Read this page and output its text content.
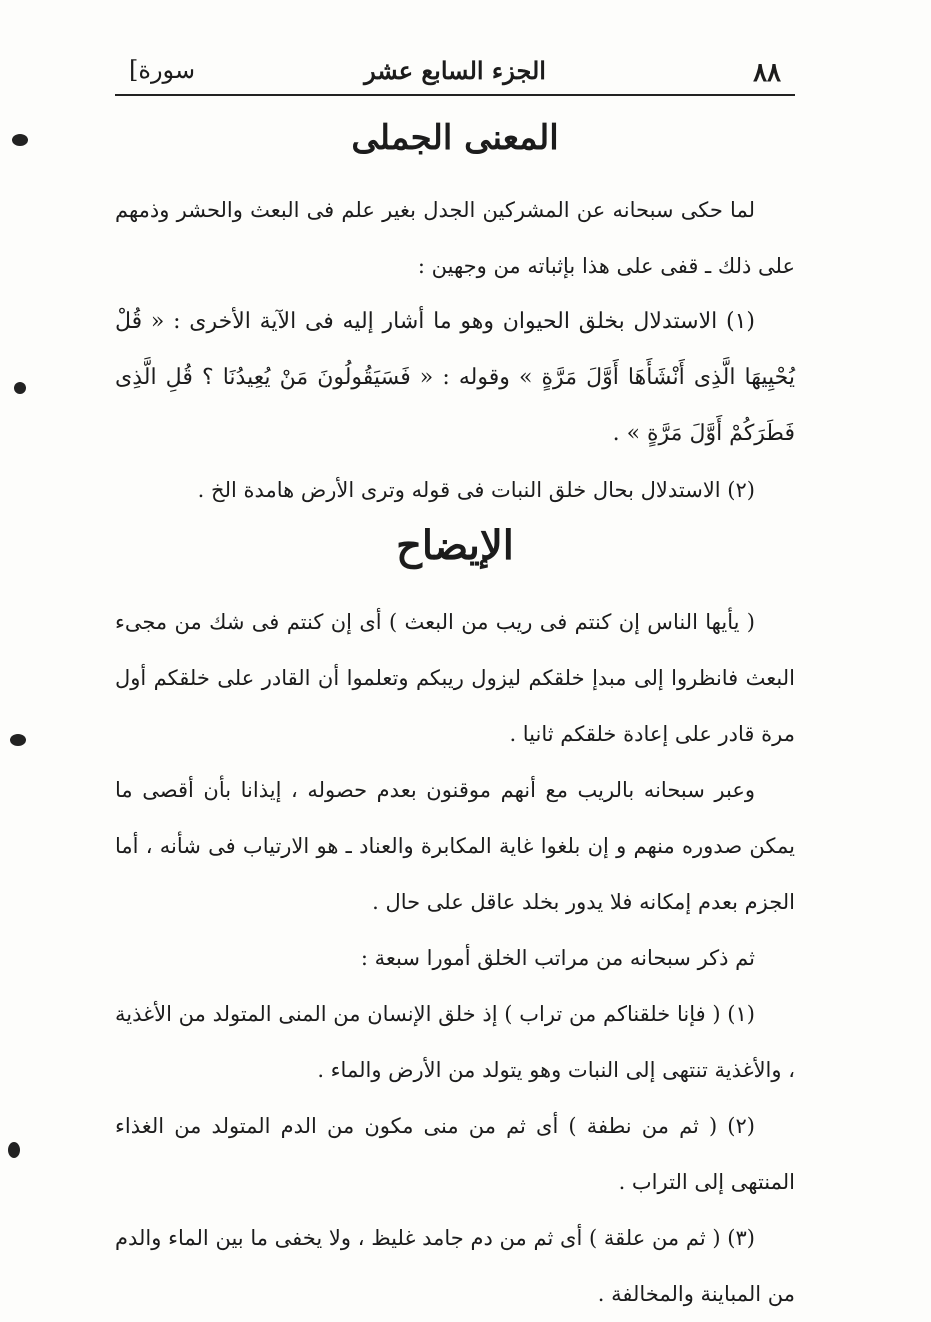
٨٨
الجزء السابع عشر
[ سورة
المعنى الجملى

لما حكى سبحانه عن المشركين الجدل بغير علم فى البعث والحشر وذمهم على ذلك ـ قفى على هذا بإثباته من وجهين :

(١) الاستدلال بخلق الحيوان وهو ما أشار إليه فى الآية الأخرى : « قُلْ يُحْيِيهَا الَّذِى أَنْشَأَهَا أَوَّلَ مَرَّةٍ » وقوله : « فَسَيَقُولُونَ مَنْ يُعِيدُنَا ؟ قُلِ الَّذِى فَطَرَكُمْ أَوَّلَ مَرَّةٍ » .

(٢) الاستدلال بحال خلق النبات فى قوله وترى الأرض هامدة الخ .

الإيضاح

( يأيها الناس إن كنتم فى ريب من البعث ) أى إن كنتم فى شك من مجىء البعث فانظروا إلى مبدإ خلقكم ليزول ريبكم وتعلموا أن القادر على خلقكم أول مرة قادر على إعادة خلقكم ثانيا .

وعبر سبحانه بالريب مع أنهم موقنون بعدم حصوله ، إيذانا بأن أقصى ما يمكن صدوره منهم و إن بلغوا غاية المكابرة والعناد ـ هو الارتياب فى شأنه ، أما الجزم بعدم إمكانه فلا يدور بخلد عاقل على حال .

ثم ذكر سبحانه من مراتب الخلق أمورا سبعة :

(١) ( فإنا خلقناكم من تراب ) إذ خلق الإنسان من المنى المتولد من الأغذية ، والأغذية تنتهى إلى النبات وهو يتولد من الأرض والماء .

(٢) ( ثم من نطفة ) أى ثم من منى مكون من الدم المتولد من الغذاء المنتهى إلى التراب .

(٣) ( ثم من علقة ) أى ثم من دم جامد غليظ ، ولا يخفى ما بين الماء والدم من المباينة والمخالفة .
